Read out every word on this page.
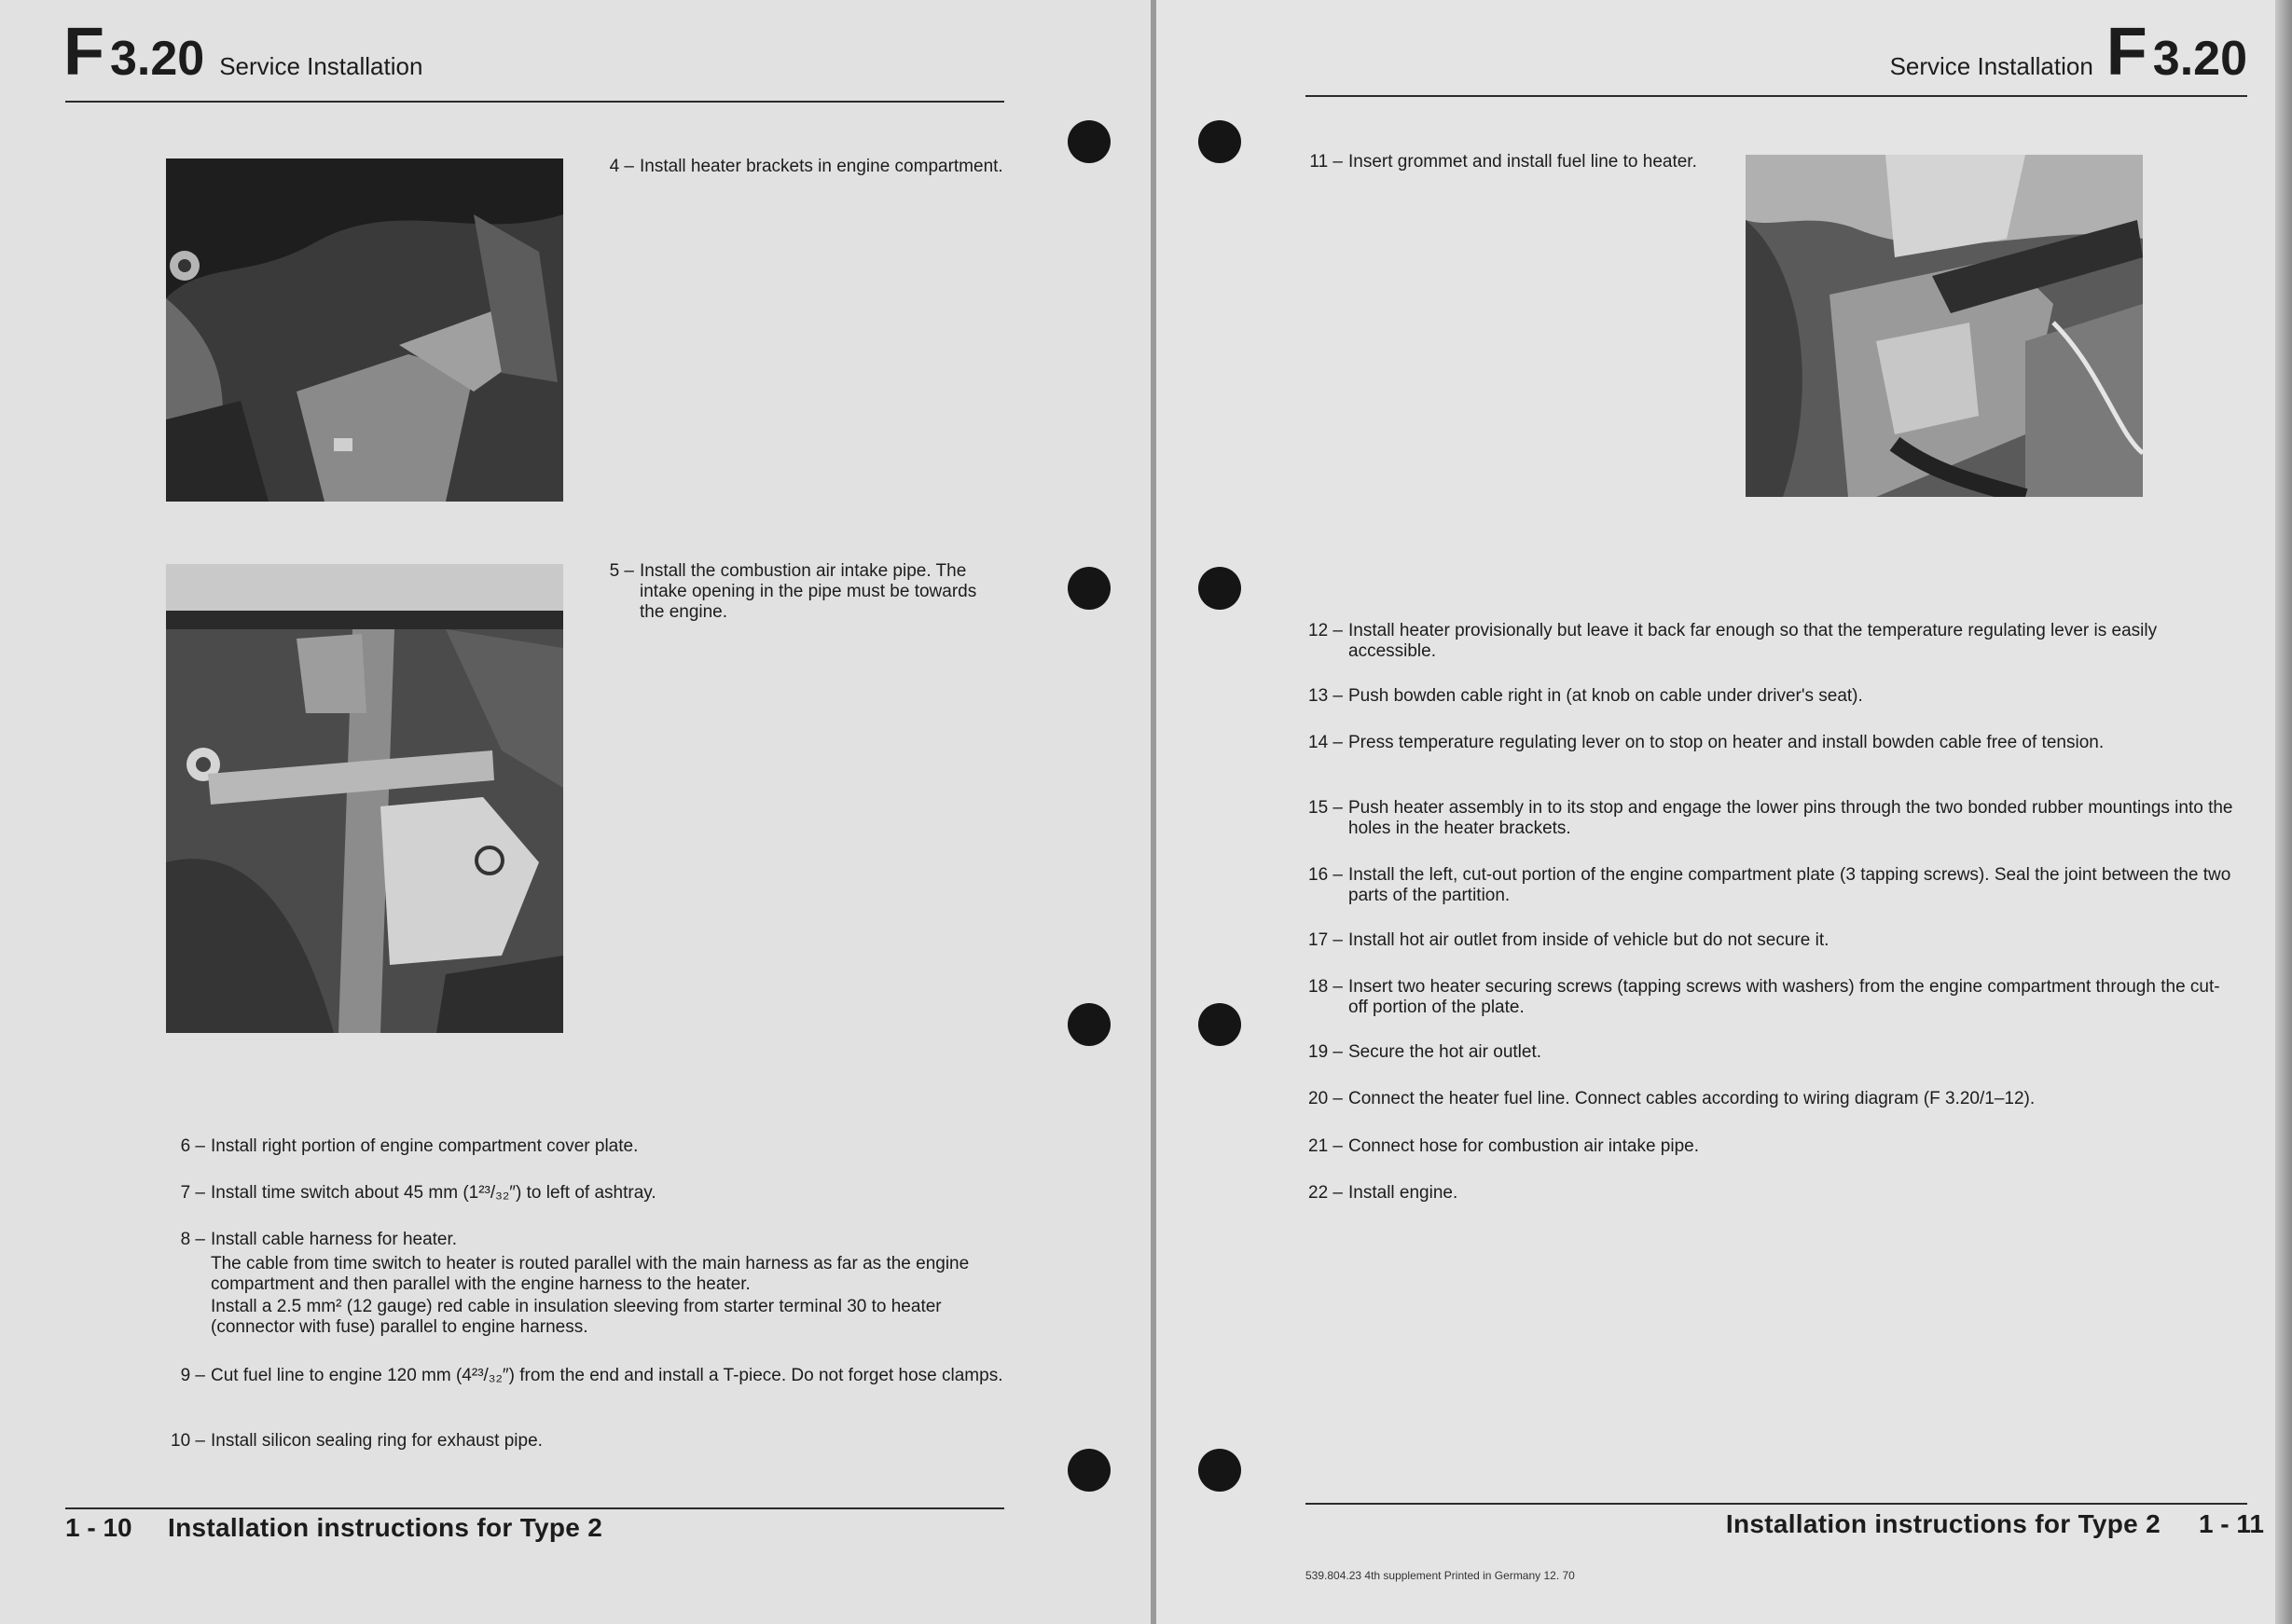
F 3.20 Service Installation
4 – Install heater brackets in engine compartment.

5 – Install the combustion air intake pipe. The intake opening in the pipe must be towards the engine.

6 – Install right portion of engine compartment cover plate.

7 – Install time switch about 45 mm (1²³/₃₂″) to left of ashtray.

8 – Install cable harness for heater.

The cable from time switch to heater is routed parallel with the main harness as far as the engine compartment and then parallel with the engine harness to the heater.

Install a 2.5 mm² (12 gauge) red cable in insulation sleeving from starter terminal 30 to heater (connector with fuse) parallel to engine harness.

9 – Cut fuel line to engine 120 mm (4²³/₃₂″) from the end and install a T-piece. Do not forget hose clamps.

10 – Install silicon sealing ring for exhaust pipe.

1 - 10 Installation instructions for Type 2
Service Installation F 3.20
11 – Insert grommet and install fuel line to heater.

12 – Install heater provisionally but leave it back far enough so that the temperature regulating lever is easily accessible.

13 – Push bowden cable right in (at knob on cable under driver's seat).

14 – Press temperature regulating lever on to stop on heater and install bowden cable free of tension.

15 – Push heater assembly in to its stop and engage the lower pins through the two bonded rubber mountings into the holes in the heater brackets.

16 – Install the left, cut-out portion of the engine compartment plate (3 tapping screws). Seal the joint between the two parts of the partition.

17 – Install hot air outlet from inside of vehicle but do not secure it.

18 – Insert two heater securing screws (tapping screws with washers) from the engine compartment through the cut-off portion of the plate.

19 – Secure the hot air outlet.

20 – Connect the heater fuel line. Connect cables according to wiring diagram (F 3.20/1–12).

21 – Connect hose for combustion air intake pipe.

22 – Install engine.

Installation instructions for Type 2 1 - 11
539.804.23 4th supplement Printed in Germany 12. 70
